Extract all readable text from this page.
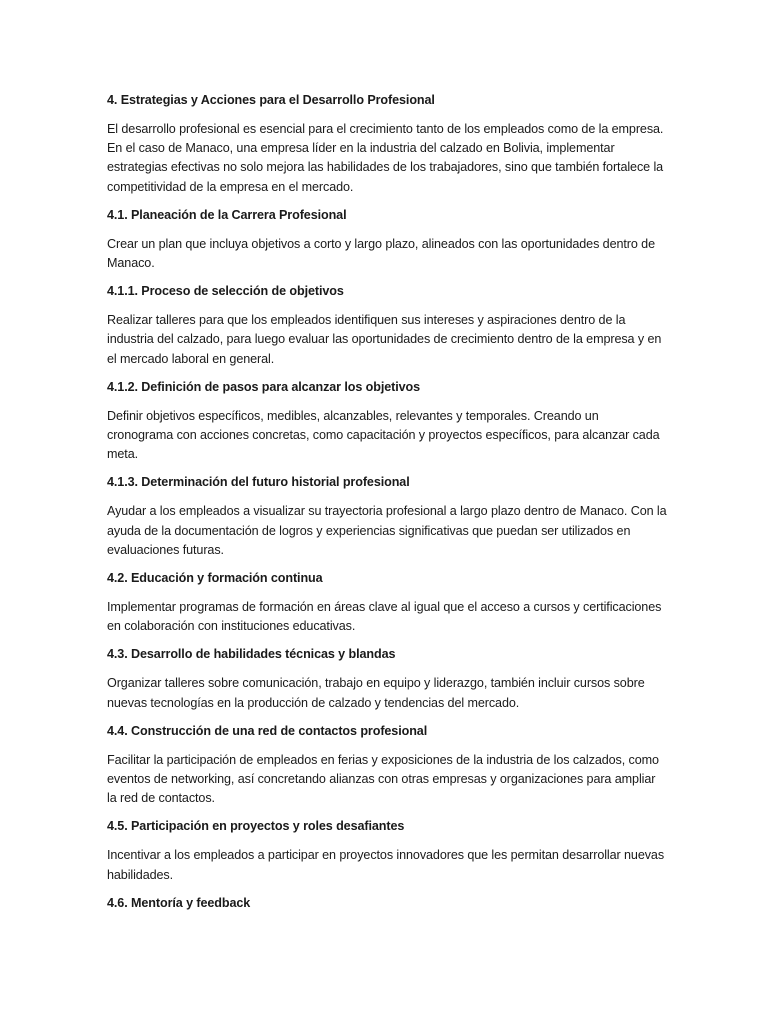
4. Estrategias y Acciones para el Desarrollo Profesional
El desarrollo profesional es esencial para el crecimiento tanto de los empleados como de la empresa. En el caso de Manaco, una empresa líder en la industria del calzado en Bolivia, implementar estrategias efectivas no solo mejora las habilidades de los trabajadores, sino que también fortalece la competitividad de la empresa en el mercado.
4.1. Planeación de la Carrera Profesional
Crear un plan que incluya objetivos a corto y largo plazo, alineados con las oportunidades dentro de Manaco.
4.1.1. Proceso de selección de objetivos
Realizar talleres para que los empleados identifiquen sus intereses y aspiraciones dentro de la industria del calzado, para luego evaluar las oportunidades de crecimiento dentro de la empresa y en el mercado laboral en general.
4.1.2. Definición de pasos para alcanzar los objetivos
Definir objetivos específicos, medibles, alcanzables, relevantes y temporales. Creando un cronograma con acciones concretas, como capacitación y proyectos específicos, para alcanzar cada meta.
4.1.3. Determinación del futuro historial profesional
Ayudar a los empleados a visualizar su trayectoria profesional a largo plazo dentro de Manaco. Con la ayuda de la documentación de logros y experiencias significativas que puedan ser utilizados en evaluaciones futuras.
4.2. Educación y formación continua
Implementar programas de formación en áreas clave al igual que el acceso a cursos y certificaciones en colaboración con instituciones educativas.
4.3. Desarrollo de habilidades técnicas y blandas
Organizar talleres sobre comunicación, trabajo en equipo y liderazgo, también incluir cursos sobre nuevas tecnologías en la producción de calzado y tendencias del mercado.
4.4. Construcción de una red de contactos profesional
Facilitar la participación de empleados en ferias y exposiciones de la industria de los calzados, como eventos de networking, así concretando alianzas con otras empresas y organizaciones para ampliar la red de contactos.
4.5. Participación en proyectos y roles desafiantes
Incentivar a los empleados a participar en proyectos innovadores que les permitan desarrollar nuevas habilidades.
4.6. Mentoría y feedback
